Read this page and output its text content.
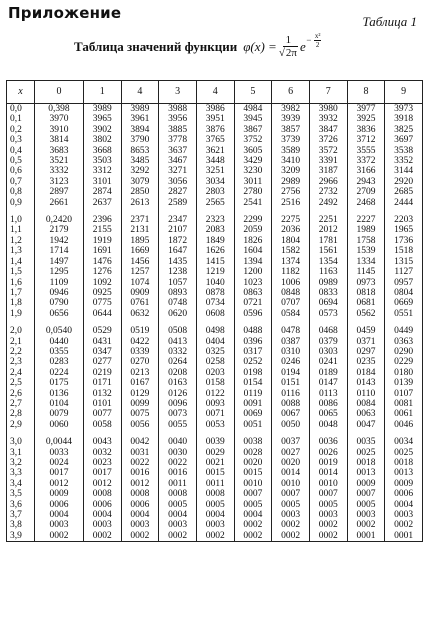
Приложение	Таблица 1
Таблица значений функции $\varphi(x) = \frac{1}{√2\pi}$ $e - \frac{\text{x²}}{2}$
x	0	1	4	3	4	5	6	7	8	9
0,0	0,398	3989	3989	3988	3986	4984	3982	3980	3977	3973
0,1	3970	3965	3961	3956	3951	3945	3939	3932	3925	3918
0,2	3910	3902	3894	3885	3876	3867	3857	3847	3836	3825
0,3	3814	3802	3790	3778	3765	3752	3739	3726	3712	3697
0,4	3683	3668	8653	3637	3621	3605	3589	3572	3555	3538
0,5	3521	3503	3485	3467	3448	3429	3410	3391	3372	3352
0,6	3332	3312	3292	3271	3251	3230	3209	3187	3166	3144
0,7	3123	3101	3079	3056	3034	3011	2989	2966	2943	2920
0,8	2897	2874	2850	2827	2803	2780	2756	2732	2709	2685
0,9	2661	2637	2613	2589	2565	2541	2516	2492	2468	2444

1,0	0,2420	2396	2371	2347	2323	2299	2275	2251	2227	2203
1,1	2179	2155	2131	2107	2083	2059	2036	2012	1989	1965
1,2	1942	1919	1895	1872	1849	1826	1804	1781	1758	1736
1,3	1714	1691	1669	1647	1626	1604	1582	1561	1539	1518
1,4	1497	1476	1456	1435	1415	1394	1374	1354	1334	1315
1,5	1295	1276	1257	1238	1219	1200	1182	1163	1145	1127
1,6	1109	1092	1074	1057	1040	1023	1006	0989	0973	0957
1,7	0946	0925	0909	0893	0878	0863	0848	0833	0818	0804
1,8	0790	0775	0761	0748	0734	0721	0707	0694	0681	0669
1,9	0656	0644	0632	0620	0608	0596	0584	0573	0562	0551

2,0	0,0540	0529	0519	0508	0498	0488	0478	0468	0459	0449
2,1	0440	0431	0422	0413	0404	0396	0387	0379	0371	0363
2,2	0355	0347	0339	0332	0325	0317	0310	0303	0297	0290
2,3	0283	0277	0270	0264	0258	0252	0246	0241	0235	0229
2,4	0224	0219	0213	0208	0203	0198	0194	0189	0184	0180
2,5	0175	0171	0167	0163	0158	0154	0151	0147	0143	0139
2,6	0136	0132	0129	0126	0122	0119	0116	0113	0110	0107
2,7	0104	0101	0099	0096	0093	0091	0088	0086	0084	0081
2,8	0079	0077	0075	0073	0071	0069	0067	0065	0063	0061
2,9	0060	0058	0056	0055	0053	0051	0050	0048	0047	0046

3,0	0,0044	0043	0042	0040	0039	0038	0037	0036	0035	0034
3,1	0033	0032	0031	0030	0029	0028	0027	0026	0025	0025
3,2	0024	0023	0022	0022	0021	0020	0020	0019	0018	0018
3,3	0017	0017	0016	0016	0015	0015	0014	0014	0013	0013
3,4	0012	0012	0012	0011	0011	0010	0010	0010	0009	0009
3,5	0009	0008	0008	0008	0008	0007	0007	0007	0007	0006
3,6	0006	0006	0006	0005	0005	0005	0005	0005	0005	0004
3,7	0004	0004	0004	0004	0004	0004	0003	0003	0003	0003
3,8	0003	0003	0003	0003	0003	0002	0002	0002	0002	0002
3,9	0002	0002	0002	0002	0002	0002	0002	0002	0001	0001
